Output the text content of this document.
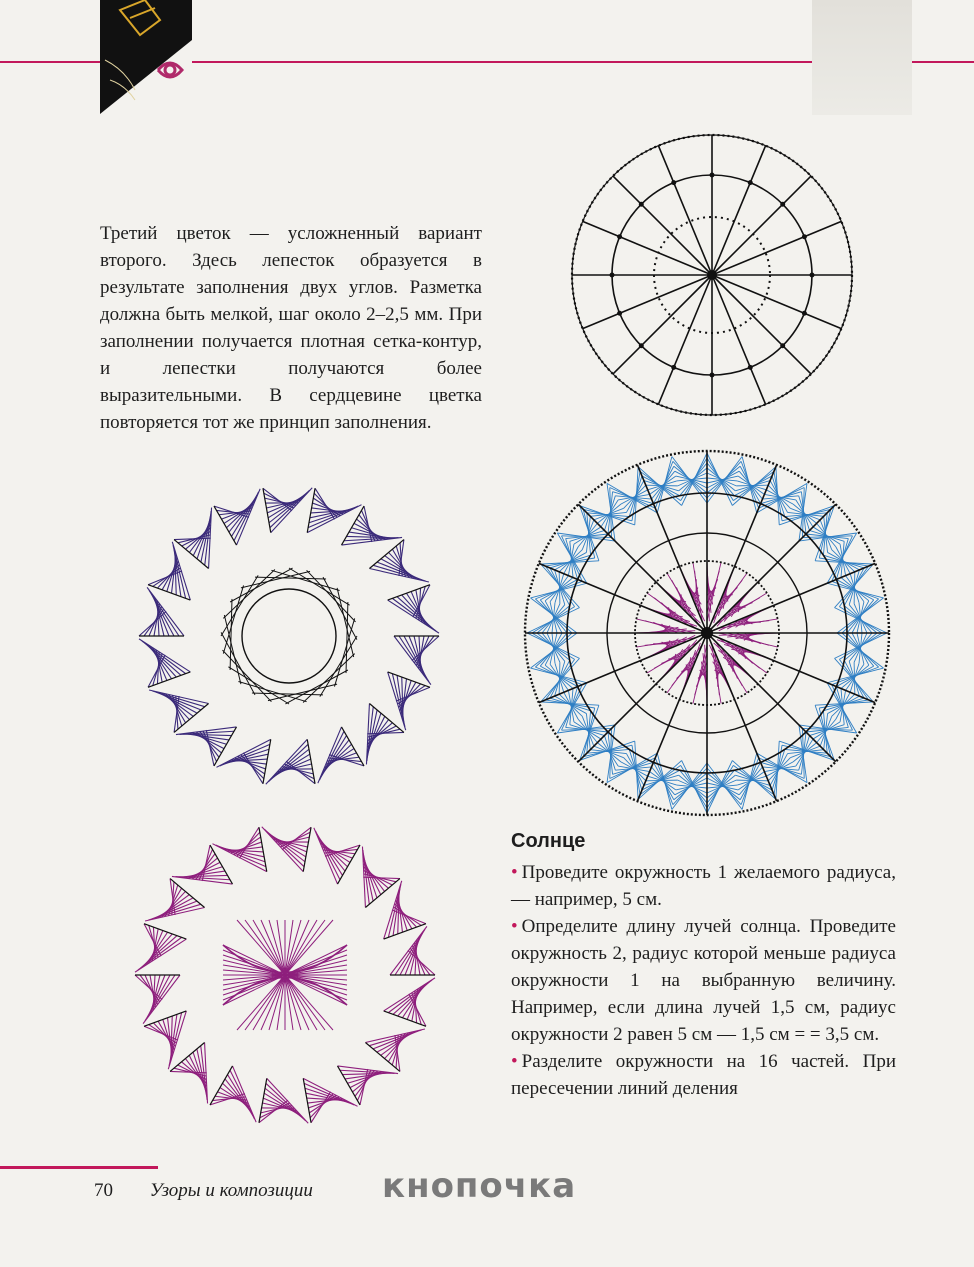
Третий цветок — усложненный вариант второго. Здесь лепесток образуется в результате заполнения двух углов. Разметка должна быть мелкой, шаг около 2–2,5 мм. При заполнении получается плотная сетка-контур, и лепестки получаются более выразительными. В сердцевине цветка повторяется тот же принцип заполнения.

Солнце

• Проведите окружность 1 желаемого радиуса, — например, 5 см.

• Определите длину лучей солнца. Проведите окружность 2, радиус которой меньше радиуса окружности 1 на выбранную величину. Например, если длина лучей 1,5 см, радиус окружности 2 равен 5 см — 1,5 см = = 3,5 см.

• Разделите окружности на 16 частей. При пересечении линий деления

70 Узоры и композиции кнопочка
